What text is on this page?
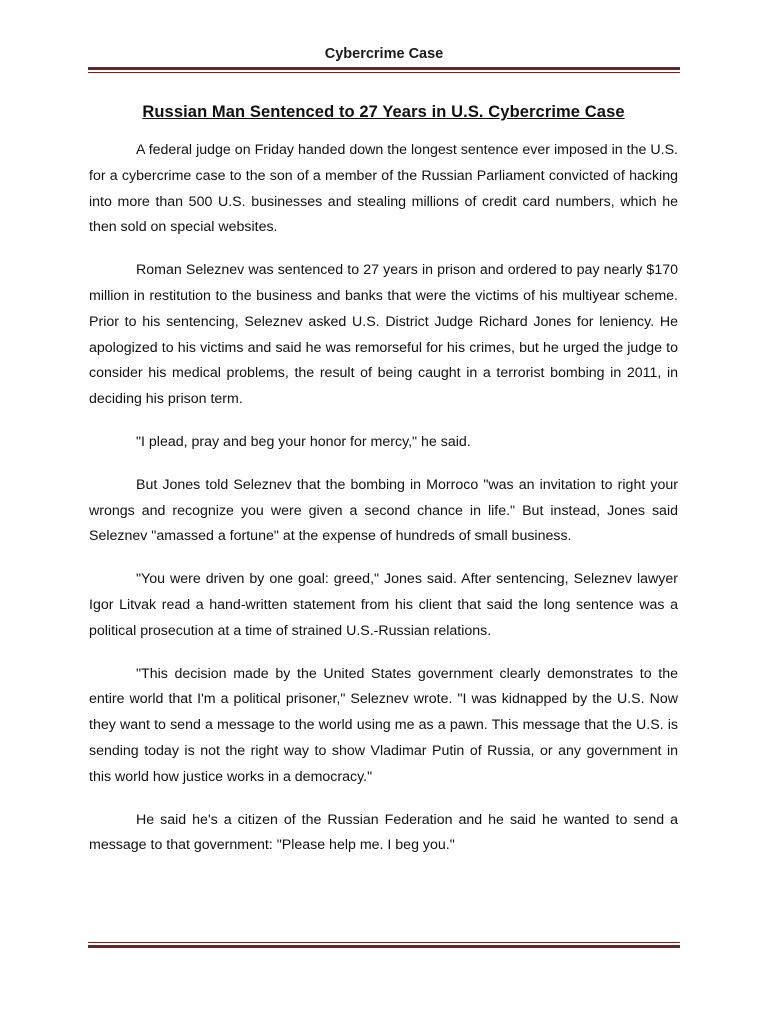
Cybercrime Case
Russian Man Sentenced to 27 Years in U.S. Cybercrime Case

A federal judge on Friday handed down the longest sentence ever imposed in the U.S. for a cybercrime case to the son of a member of the Russian Parliament convicted of hacking into more than 500 U.S. businesses and stealing millions of credit card numbers, which he then sold on special websites.

Roman Seleznev was sentenced to 27 years in prison and ordered to pay nearly $170 million in restitution to the business and banks that were the victims of his multiyear scheme. Prior to his sentencing, Seleznev asked U.S. District Judge Richard Jones for leniency. He apologized to his victims and said he was remorseful for his crimes, but he urged the judge to consider his medical problems, the result of being caught in a terrorist bombing in 2011, in deciding his prison term.

"I plead, pray and beg your honor for mercy," he said.

But Jones told Seleznev that the bombing in Morroco "was an invitation to right your wrongs and recognize you were given a second chance in life." But instead, Jones said Seleznev "amassed a fortune" at the expense of hundreds of small business.

"You were driven by one goal: greed," Jones said. After sentencing, Seleznev lawyer Igor Litvak read a hand-written statement from his client that said the long sentence was a political prosecution at a time of strained U.S.-Russian relations.

"This decision made by the United States government clearly demonstrates to the entire world that I'm a political prisoner," Seleznev wrote. "I was kidnapped by the U.S. Now they want to send a message to the world using me as a pawn. This message that the U.S. is sending today is not the right way to show Vladimar Putin of Russia, or any government in this world how justice works in a democracy."

He said he's a citizen of the Russian Federation and he said he wanted to send a message to that government: "Please help me. I beg you."
